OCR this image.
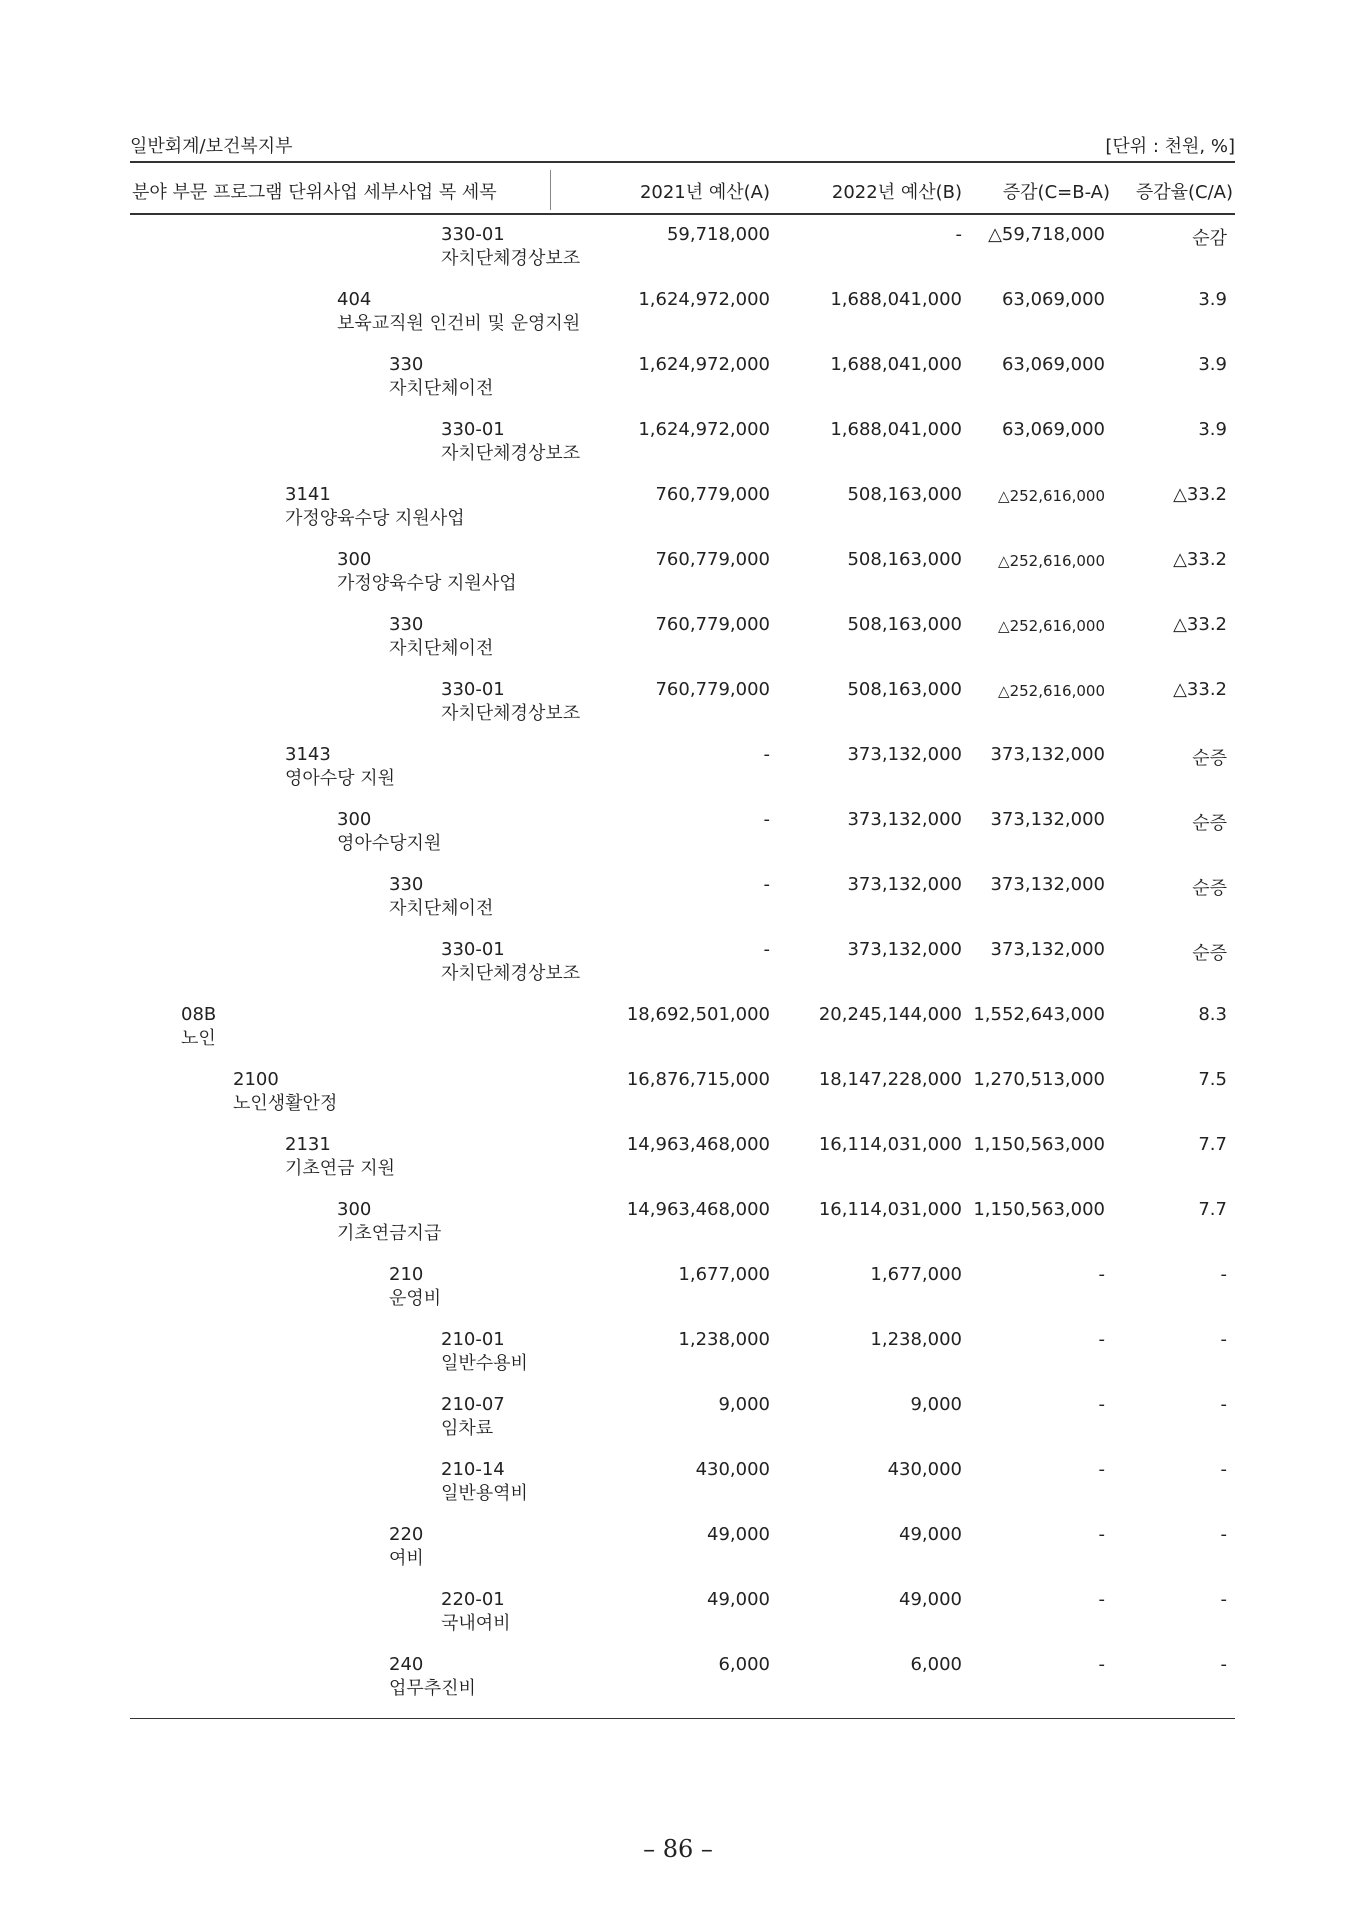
일반회계/보건복지부	[단위 : 천원, %]
분야 부문 프로그램 단위사업 세부사업 목 세목	2021년 예산(A)	2022년 예산(B) 증감(C=B-A) 증감율(C/A)
330-01
자치단체경상보조
59,718,000	- △59,718,000	순감
404
보육교직원 인건비 및 운영지원
1,624,972,000	1,688,041,000 63,069,000	3.9
330
자치단체이전
1,624,972,000	1,688,041,000 63,069,000	3.9
330-01
자치단체경상보조
1,624,972,000	1,688,041,000 63,069,000	3.9
3141
가정양육수당 지원사업
760,779,000	508,163,000 △252,616,000	△33.2
300
가정양육수당 지원사업
760,779,000	508,163,000 △252,616,000	△33.2
330
자치단체이전
760,779,000	508,163,000 △252,616,000	△33.2
330-01
자치단체경상보조
760,779,000	508,163,000 △252,616,000	△33.2
3143
영아수당 지원
-	373,132,000 373,132,000	순증
300
영아수당지원
-	373,132,000 373,132,000	순증
330
자치단체이전
-	373,132,000 373,132,000	순증
330-01
자치단체경상보조
-	373,132,000 373,132,000	순증
08B
노인
18,692,501,000	20,245,144,000 1,552,643,000	8.3
2100
노인생활안정
16,876,715,000	18,147,228,000 1,270,513,000	7.5
2131
기초연금 지원
14,963,468,000	16,114,031,000 1,150,563,000	7.7
300
기초연금지급
14,963,468,000	16,114,031,000 1,150,563,000	7.7
210
운영비
1,677,000	1,677,000	-	-
210-01
일반수용비
1,238,000	1,238,000	-	-
210-07
임차료
9,000	9,000	-	-
210-14
일반용역비
430,000	430,000	-	-
220
여비
49,000	49,000	-	-
220-01
국내여비
49,000	49,000	-	-
240
업무추진비
6,000	6,000	-	-
– 86 –
